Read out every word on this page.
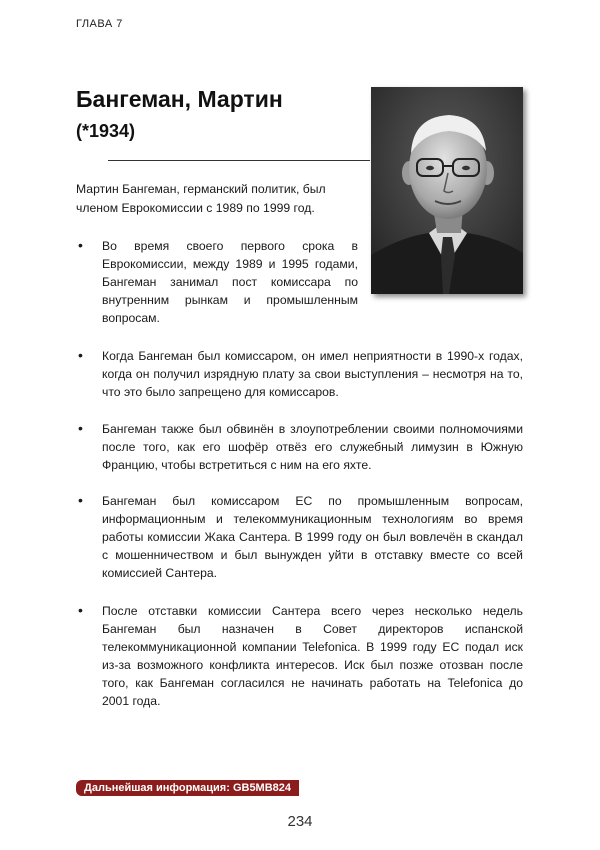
ГЛАВА 7
Бангеман, Мартин
(*1934)
Мартин Бангеман, германский политик, был членом Еврокомиссии с 1989 по 1999 год.
• Во время своего первого срока в Еврокомиссии, между 1989 и 1995 годами, Бангеман занимал пост комиссара по внутренним рынкам и промышленным вопросам.
• Когда Бангеман был комиссаром, он имел неприятности в 1990-х годах, когда он получил изрядную плату за свои выступления – несмотря на то, что это было запрещено для комиссаров.
• Бангеман также был обвинён в злоупотреблении своими полномочиями после того, как его шофёр отвёз его служебный лимузин в Южную Францию, чтобы встретиться с ним на его яхте.
• Бангеман был комиссаром ЕС по промышленным вопросам, информационным и телекоммуникационным технологиям во время работы комиссии Жака Сантера. В 1999 году он был вовлечён в скандал с мошенничеством и был вынужден уйти в отставку вместе со всей комиссией Сантера.
• После отставки комиссии Сантера всего через несколько недель Бангеман был назначен в Совет директоров испанской телекоммуникационной компании Telefonica. В 1999 году ЕС подал иск из-за возможного конфликта интересов. Иск был позже отозван после того, как Бангеман согласился не начинать работать на Telefonica до 2001 года.
Дальнейшая информация: GB5MB824
234
